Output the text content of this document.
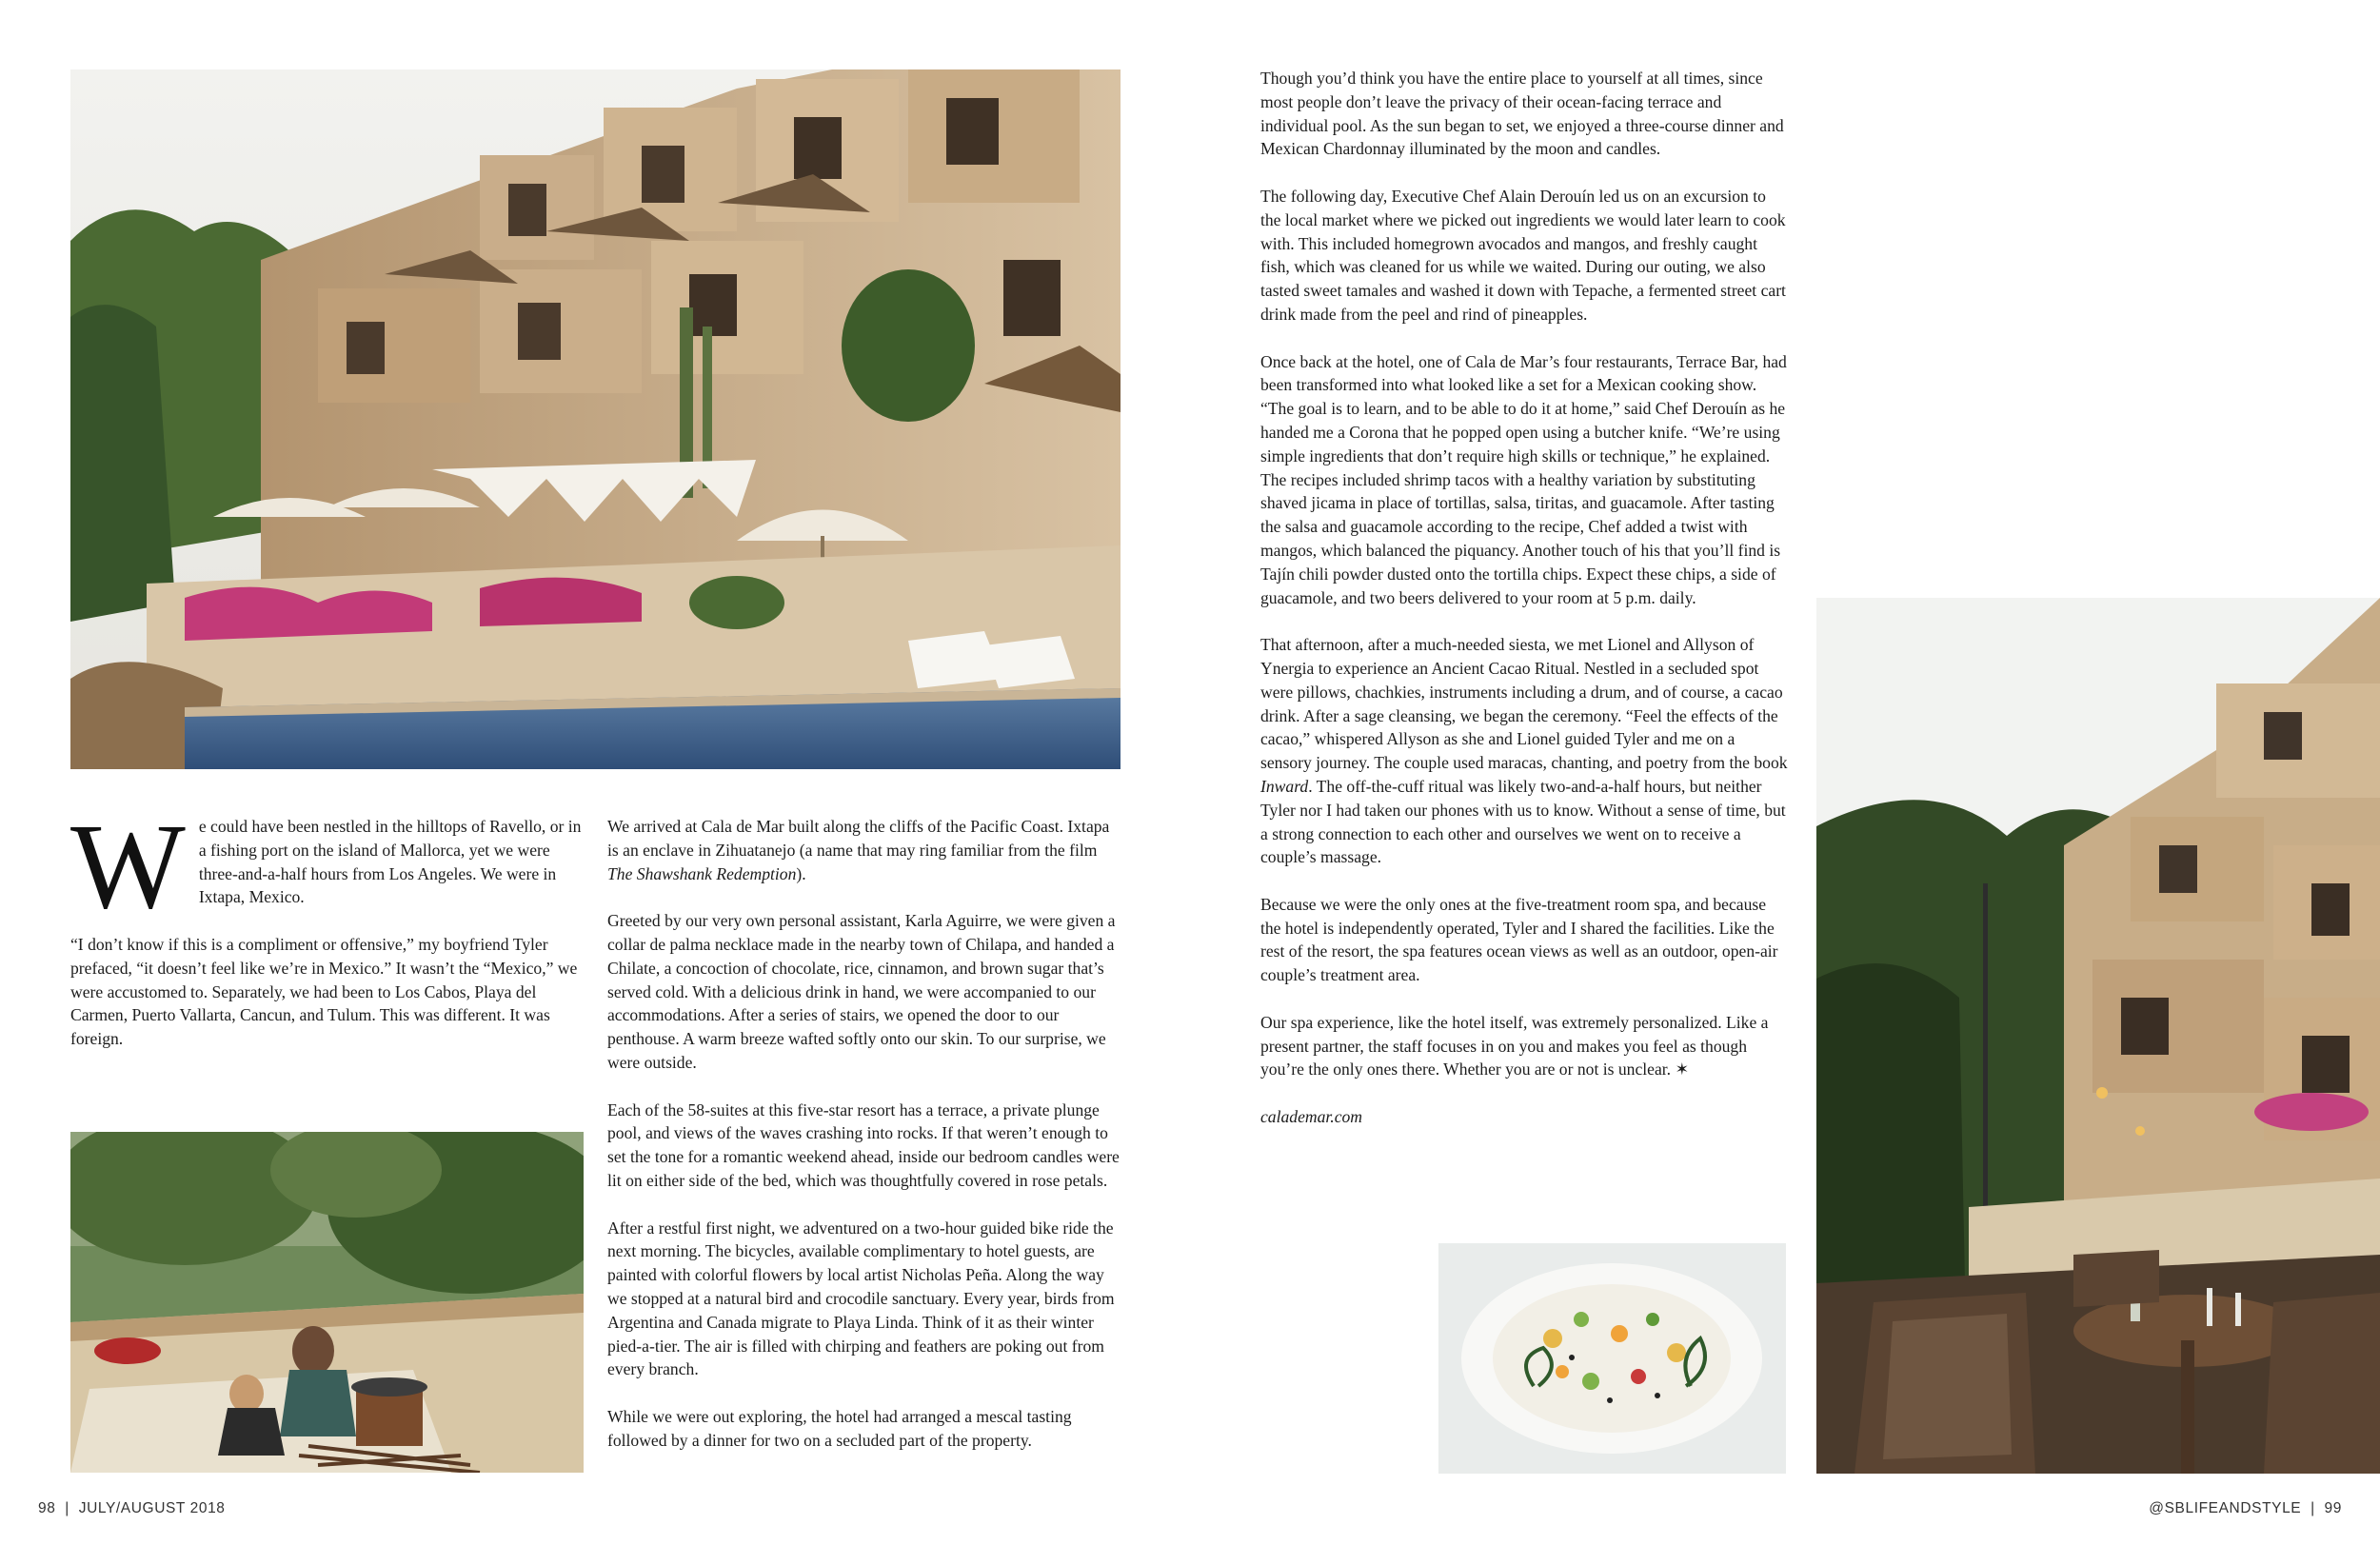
W e could have been nestled in the hilltops of Ravello, or in a fishing port on the island of Mallorca, yet we were three-and-a-half hours from Los Angeles. We were in Ixtapa, Mexico.

“I don’t know if this is a compliment or offensive,” my boyfriend Tyler prefaced, “it doesn’t feel like we’re in Mexico.” It wasn’t the “Mexico,” we were accustomed to. Separately, we had been to Los Cabos, Playa del Carmen, Puerto Vallarta, Cancun, and Tulum. This was different. It was foreign.

We arrived at Cala de Mar built along the cliffs of the Pacific Coast. Ixtapa is an enclave in Zihuatanejo (a name that may ring familiar from the film The Shawshank Redemption).

Greeted by our very own personal assistant, Karla Aguirre, we were given a collar de palma necklace made in the nearby town of Chilapa, and handed a Chilate, a concoction of chocolate, rice, cinnamon, and brown sugar that’s served cold. With a delicious drink in hand, we were accompanied to our accommodations. After a series of stairs, we opened the door to our penthouse. A warm breeze wafted softly onto our skin. To our surprise, we were outside.

Each of the 58-suites at this five-star resort has a terrace, a private plunge pool, and views of the waves crashing into rocks. If that weren’t enough to set the tone for a romantic weekend ahead, inside our bedroom candles were lit on either side of the bed, which was thoughtfully covered in rose petals.

After a restful first night, we adventured on a two-hour guided bike ride the next morning. The bicycles, available complimentary to hotel guests, are painted with colorful flowers by local artist Nicholas Peña. Along the way we stopped at a natural bird and crocodile sanctuary. Every year, birds from Argentina and Canada migrate to Playa Linda. Think of it as their winter pied-a-tier. The air is filled with chirping and feathers are poking out from every branch.

While we were out exploring, the hotel had arranged a mescal tasting followed by a dinner for two on a secluded part of the property.

Though you’d think you have the entire place to yourself at all times, since most people don’t leave the privacy of their ocean-facing terrace and individual pool. As the sun began to set, we enjoyed a three-course dinner and Mexican Chardonnay illuminated by the moon and candles.

The following day, Executive Chef Alain Derouín led us on an excursion to the local market where we picked out ingredients we would later learn to cook with. This included homegrown avocados and mangos, and freshly caught fish, which was cleaned for us while we waited. During our outing, we also tasted sweet tamales and washed it down with Tepache, a fermented street cart drink made from the peel and rind of pineapples.

Once back at the hotel, one of Cala de Mar’s four restaurants, Terrace Bar, had been transformed into what looked like a set for a Mexican cooking show. “The goal is to learn, and to be able to do it at home,” said Chef Derouín as he handed me a Corona that he popped open using a butcher knife. “We’re using simple ingredients that don’t require high skills or technique,” he explained. The recipes included shrimp tacos with a healthy variation by substituting shaved jicama in place of tortillas, salsa, tiritas, and guacamole. After tasting the salsa and guacamole according to the recipe, Chef added a twist with mangos, which balanced the piquancy. Another touch of his that you’ll find is Tajín chili powder dusted onto the tortilla chips. Expect these chips, a side of guacamole, and two beers delivered to your room at 5 p.m. daily.

That afternoon, after a much-needed siesta, we met Lionel and Allyson of Ynergia to experience an Ancient Cacao Ritual. Nestled in a secluded spot were pillows, chachkies, instruments including a drum, and of course, a cacao drink. After a sage cleansing, we began the ceremony. “Feel the effects of the cacao,” whispered Allyson as she and Lionel guided Tyler and me on a sensory journey. The couple used maracas, chanting, and poetry from the book Inward. The off-the-cuff ritual was likely two-and-a-half hours, but neither Tyler nor I had taken our phones with us to know. Without a sense of time, but a strong connection to each other and ourselves we went on to receive a couple’s massage.

Because we were the only ones at the five-treatment room spa, and because the hotel is independently operated, Tyler and I shared the facilities. Like the rest of the resort, the spa features ocean views as well as an outdoor, open-air couple’s treatment area.

Our spa experience, like the hotel itself, was extremely personalized. Like a present partner, the staff focuses in on you and makes you feel as though you’re the only ones there. Whether you are or not is unclear. ✶

calademar.com

98 | JULY/AUGUST 2018	@SBLIFEANDSTYLE | 99
